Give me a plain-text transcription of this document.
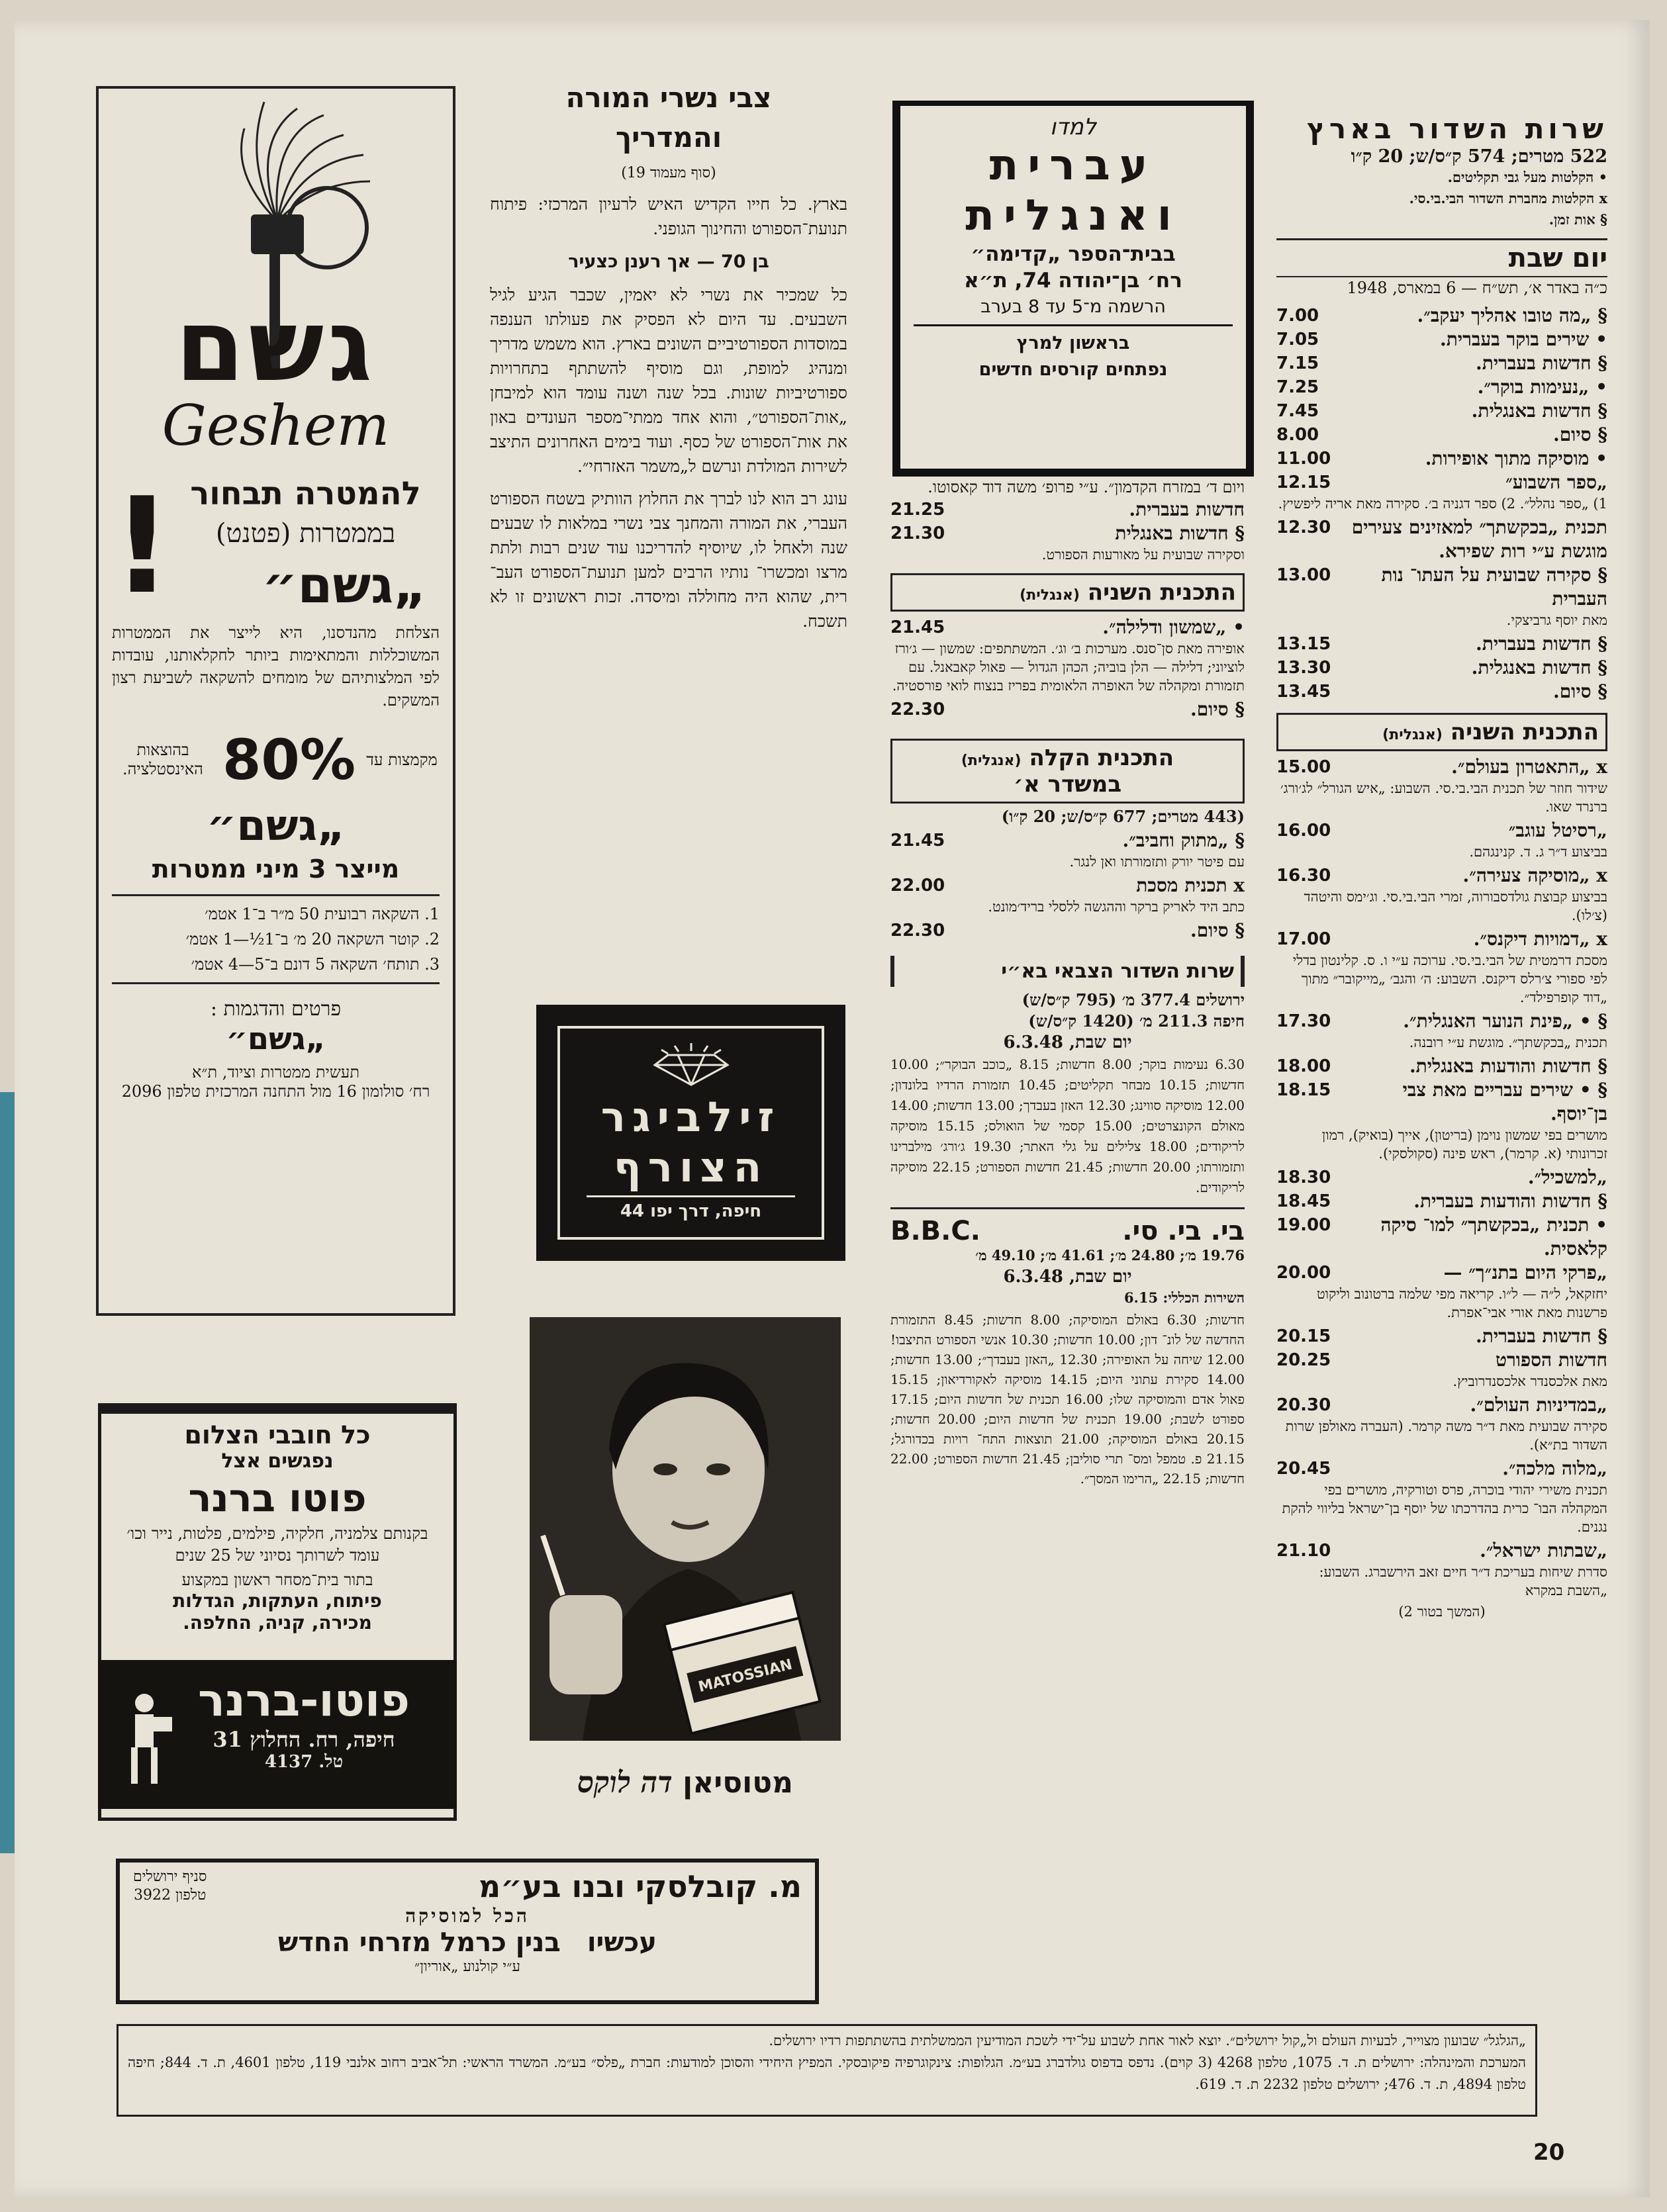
שרות השדור בארץ
522 מטרים; 574 ק״ס/ש; 20 ק״ו
• הקלטות מעל גבי תקליטים.
x הקלטות מחברת השדור הבי.בי.סי.
§ אות זמן.
יום שבת
כ״ה באדר א׳, תש״ח — 6 במארס, 1948
7.00	§ „מה טובו אהליך יעקב״.
7.05	• שירים בוקר בעברית.
7.15	§ חדשות בעברית.
7.25	• „נעימות בוקר״.
7.45	§ חדשות באנגלית.
8.00	§ סיום.
11.00	• מוסיקה מתוך אופירות.
12.15	„ספר השבוע״
1) „ספר נהלל״. 2) ספר דגניה ב׳. סקירה מאת אריה ליפשיץ.
12.30	תכנית „בכקשתך״ למאזינים צעירים מוגשת ע״י רות שפירא.
13.00	§ סקירה שבועית על העתו־ נות העברית
מאת יוסף גרביצקי.
13.15	§ חדשות בעברית.
13.30	§ חדשות באנגלית.
13.45	§ סיום.
התכנית השניה (אנגלית)
15.00	x „התאטרון בעולם״.
שידור חוזר של תכנית הבי.בי.סי. השבוע: „איש הגורל״ לג׳ורג׳ ברנרד שאו.
16.00	„רסיטל עוגב״
בביצוע ד״ר ג. ד. קנינגהם.
16.30	x „מוסיקה צעירה״.
בביצוע קבוצת גולדסבורוה, זמרי הבי.בי.סי. וג׳ימס והיטהד (צ׳לו).
17.00	x „דמויות דיקנס״.
מסכת דרמטית של הבי.בי.סי. ערוכה ע״י ו. ס. קלינטון בדלי לפי ספורי צ׳רלס דיקנס. השבוע: ה׳ והגב׳ „מייקובר״ מתוך „דוד קופרפילד״.
17.30	§ • „פינת הנוער האנגלית״.
תכנית „בכקשתך״. מוגשת ע״י רובנה.
18.00	§ חדשות והודעות באנגלית.
18.15	§ • שירים עבריים מאת צבי בן־יוסף.
מושרים בפי שמשון נוימן (בריטון), אייך (בואיק), רמון זכרונותי (א. קרמר), ראש פינה (סקולסקי).
18.30	„למשכיל״.
18.45	§ חדשות והודעות בעברית.
19.00	• תכנית „בכקשתך״ למו־ סיקה קלאסית.
20.00	„פרקי היום בתנ״ך״ —
יחזקאל, ל״ה — ל״ו. קריאה מפי שלמה ברטונוב וליקוט פרשנות מאת אורי אבי־אפרת.
20.15	§ חדשות בעברית.
20.25	חדשות הספורט
מאת אלכסנדר אלכסנדרוביץ.
20.30	„במדיניות העולם״.
סקירה שבועית מאת ד״ר משה קרמר. (העברה מאולפן שרות השדור בת״א).
20.45	„מלוה מלכה״.
תכנית משירי יהודי בוכרה, פרס וטורקיה, מושרים בפי המקהלה הבו־ כרית בהדרכתו של יוסף בן־ישראל בליווי להקת נגנים.
21.10	„שבתות ישראל״.
סדרת שיחות בעריכת ד״ר חיים זאב הירשברג. השבוע: „השבת במקרא
(המשך בטור 2)
למדו
עברית
ואנגלית
בבית־הספר „קדימה״
רח׳ בן־יהודה 74, ת״א
הרשמה מ־5 עד 8 בערב
בראשון למרץ
נפתחים קורסים חדשים
ויום ד׳ במזרח הקדמון״. ע״י פרופ׳ משה דוד קאסוטו.
21.25	חדשות בעברית.
21.30	§ חדשות באנגלית
וסקירה שבועית על מאורעות הספורט.
התכנית השניה (אנגלית)
21.45	• „שמשון ודלילה״.
אופירה מאת סן־סנס. מערכות ב׳ וג׳. המשתתפים: שמשון — ג׳ורז לוציוני; דלילה — הלן בוביה; הכהן הגדול — פאול קאבאנל. עם תזמורת ומקהלה של האופרה הלאומית בפריז בנצוח לואי פורסטיה.
22.30	§ סיום.
התכנית הקלה (אנגלית)
במשדר א׳
(443 מטרים; 677 ק״ס/ש; 20 ק״ו)
21.45	§ „מתוק וחביב״.
עם פיטר יורק ותזמורתו ואן לנגר.
22.00	x תכנית מסכת
כתב היד לאריק ברקר וההגשה ללסלי בריד׳מונט.
22.30	§ סיום.
שרות השדור הצבאי בא״י
ירושלים 377.4 מ׳ (795 ק״ס/ש)
חיפה 211.3 מ׳ (1420 ק״ס/ש)
יום שבת, 6.3.48
6.30 נעימות בוקר; 8.00 חדשות; 8.15 „כוכב הבוקר״; 10.00 חדשות; 10.15 מבחר תקליטים; 10.45 תזמורת הרדיו בלונדון; 12.00 מוסיקה סווינג; 12.30 האזן בעבדך; 13.00 חדשות; 14.00 מאולם הקונצרטים; 15.00 קסמי של הואולס; 15.15 מוסיקה לריקודים; 18.00 צלילים על גלי האתר; 19.30 ג׳ורג׳ מילברינו ותזמורתו; 20.00 חדשות; 21.45 חדשות הספורט; 22.15 מוסיקה לריקודים.
בי. בי. סי.
B.B.C.
19.76 מ׳; 24.80 מ׳; 41.61 מ׳; 49.10 מ׳
יום שבת, 6.3.48
השירות הכללי: 6.15
חדשות; 6.30 באולם המוסיקה; 8.00 חדשות; 8.45 התזמורת החדשה של לונ־ דון; 10.00 חדשות; 10.30 אנשי הספורט התיצבו! 12.00 שיחה על האופירה; 12.30 „האזן בעבדך״; 13.00 חדשות; 14.00 סקירת עתוני היום; 14.15 מוסיקה לאקורדיאון; 15.15 פאול אדם והמוסיקה שלו; 16.00 תכנית של חדשות היום; 17.15 ספורט לשבת; 19.00 תכנית של חדשות היום; 20.00 חדשות; 20.15 באולם המוסיקה; 21.00 תוצאות התח־ רויות בכדורגל; 21.15 פ. טמפל ומס־ תרי סוליבן; 21.45 חדשות הספורט; 22.00 חדשות; 22.15 „הרימו המסך״.
צבי נשרי המורה
והמדריך
(סוף מעמוד 19)
בארץ. כל חייו הקדיש האיש לרעיון המרכזי: פיתוח תנועת־הספורט והחינוך הגופני.
בן 70 — אך רענן כצעיר
כל שמכיר את נשרי לא יאמין, שכבר הגיע לגיל השבעים. עד היום לא הפסיק את פעולתו הענפה במוסדות הספורטיביים השונים בארץ. הוא משמש מדריך ומנהיג למופת, וגם מוסיף להשתתף בתחרויות ספורטיביות שונות. בכל שנה ושנה עומד הוא למיבחן „אות־הספורט״, והוא אחד ממתי־מספר העונדים באון את אות־הספורט של כסף. ועוד בימים האחרונים התיצב לשירות המולדת ונרשם ל„משמר האזרחי״.
עונג רב הוא לנו לברך את החלוץ הוותיק בשטח הספורט העברי, את המורה והמחנך צבי נשרי במלאות לו שבעים שנה ולאחל לו, שיוסיף להדריכנו עוד שנים רבות ולתת מרצו ומכשרו־ נותיו הרבים למען תנועת־הספורט העב־ רית, שהוא היה מחוללה ומיסדה. זכות ראשונים זו לא תשכח.
זילביגר
הצורף
חיפה, דרך יפו 44
MATOSSIAN
מטוסיאן דה לוקס
גשם
Geshem
להמטרה תבחור
בממטרות (פטנט)
! „גשם״
הצלחת מהנדסנו, היא לייצר את הממטרות המשוכללות והמתאימות ביותר לחקלאותנו, עובדות לפי המלצותיהם של מומחים להשקאה לשביעת רצון המשקים.
מקמצות עד
80%
בהוצאות האינסטלציה.
„גשם״
מייצר 3 מיני ממטרות
1. השקאה רבועית 50 מ״ר ב־1 אטמ׳
2. קוטר השקאה 20 מ׳ ב־1½—1 אטמ׳
3. תותח׳ השקאה 5 דונם ב־5—4 אטמ׳
פרטים והדגמות :
„גשם״
תעשית ממטרות וציוד, ת״א
רח׳ סולומון 16 מול התחנה המרכזית טלפון 2096
כל חובבי הצלום
נפגשים אצל
פוטו ברנר
בקנותם צלמניה, חלקיה, פילמים, פלטות, נייר וכו׳ עומד לשרותך נסיוני של 25 שנים
בתור בית־מסחר ראשון במקצוע
פיתוח, העתקות, הגדלות
מכירה, קניה, החלפה.
פוטו-ברנר
חיפה, רח. החלוץ 31
טל. 4137
מ. קובלסקי ובנו בע״מ
סניף ירושלים
טלפון 3922
הכל למוסיקה
עכשיו
בנין כרמל מזרחי החדש
ע״י קולנוע „אוריון״
„הגלגל״ שבועון מצוייר, לבעיות העולם ול„קול ירושלים״. יוצא לאור אחת לשבוע על־ידי לשכת המודיעין הממשלתית בהשתתפות רדיו ירושלים.
המערכת והמינהלה: ירושלים ת. ד. 1075, טלפון 4268 (3 קוים). נדפס בדפוס גולדברג בע״מ. הגלופות: צינקוגרפיה פיקובסקי. המפיץ היחידי והסוכן למודעות: חברת „פלס״ בע״מ. המשרד הראשי: תל־אביב רחוב אלנבי 119, טלפון 4601, ת. ד. 844; חיפה טלפון 4894, ת. ד. 476; ירושלים טלפון 2232 ת. ד. 619.
20
